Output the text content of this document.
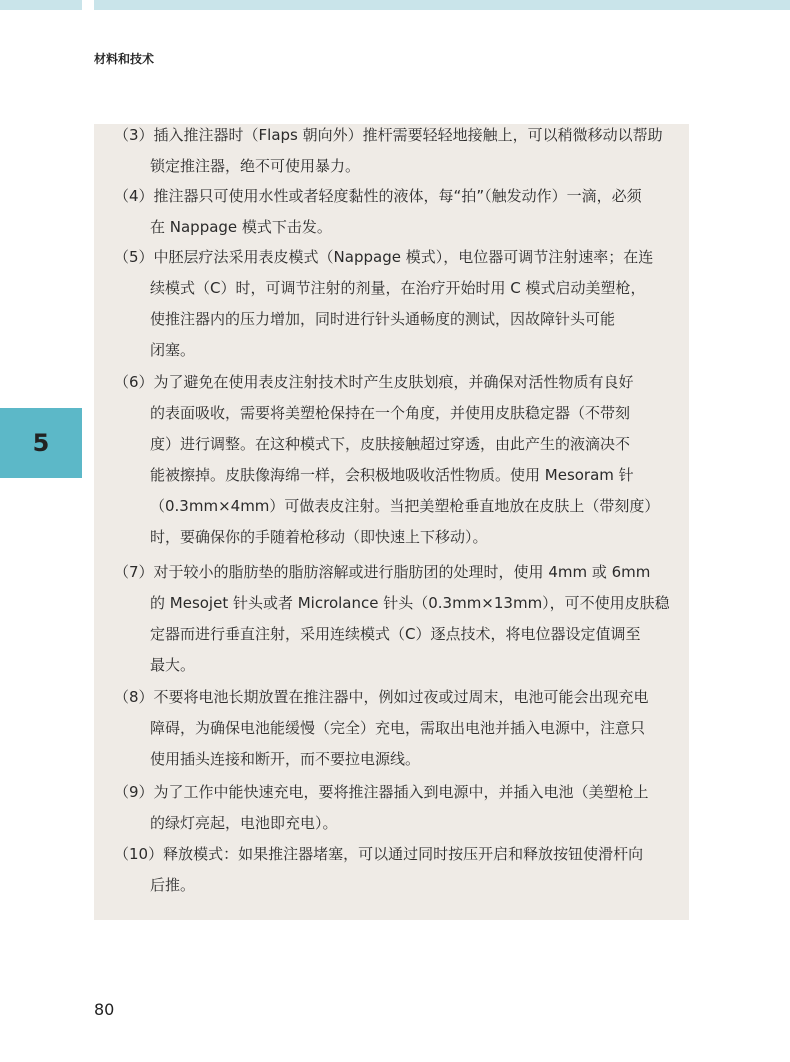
材料和技术
5
（3）插入推注器时（Flaps 朝向外）推杆需要轻轻地接触上，可以稍微移动以帮助
锁定推注器，绝不可使用暴力。
（4）推注器只可使用水性或者轻度黏性的液体，每“拍”（触发动作）一滴，必须
在 Nappage 模式下击发。
（5）中胚层疗法采用表皮模式（Nappage 模式），电位器可调节注射速率；在连
续模式（C）时，可调节注射的剂量，在治疗开始时用 C 模式启动美塑枪，
使推注器内的压力增加，同时进行针头通畅度的测试，因故障针头可能
闭塞。
（6）为了避免在使用表皮注射技术时产生皮肤划痕，并确保对活性物质有良好
的表面吸收，需要将美塑枪保持在一个角度，并使用皮肤稳定器（不带刻
度）进行调整。在这种模式下，皮肤接触超过穿透，由此产生的液滴决不
能被擦掉。皮肤像海绵一样，会积极地吸收活性物质。使用 Mesoram 针
（0.3mm×4mm）可做表皮注射。当把美塑枪垂直地放在皮肤上（带刻度）
时，要确保你的手随着枪移动（即快速上下移动）。
（7）对于较小的脂肪垫的脂肪溶解或进行脂肪团的处理时，使用 4mm 或 6mm
的 Mesojet 针头或者 Microlance 针头（0.3mm×13mm），可不使用皮肤稳
定器而进行垂直注射，采用连续模式（C）逐点技术，将电位器设定值调至
最大。
（8）不要将电池长期放置在推注器中，例如过夜或过周末，电池可能会出现充电
障碍，为确保电池能缓慢（完全）充电，需取出电池并插入电源中，注意只
使用插头连接和断开，而不要拉电源线。
（9）为了工作中能快速充电，要将推注器插入到电源中，并插入电池（美塑枪上
的绿灯亮起，电池即充电）。
（10）释放模式：如果推注器堵塞，可以通过同时按压开启和释放按钮使滑杆向
后推。
80
